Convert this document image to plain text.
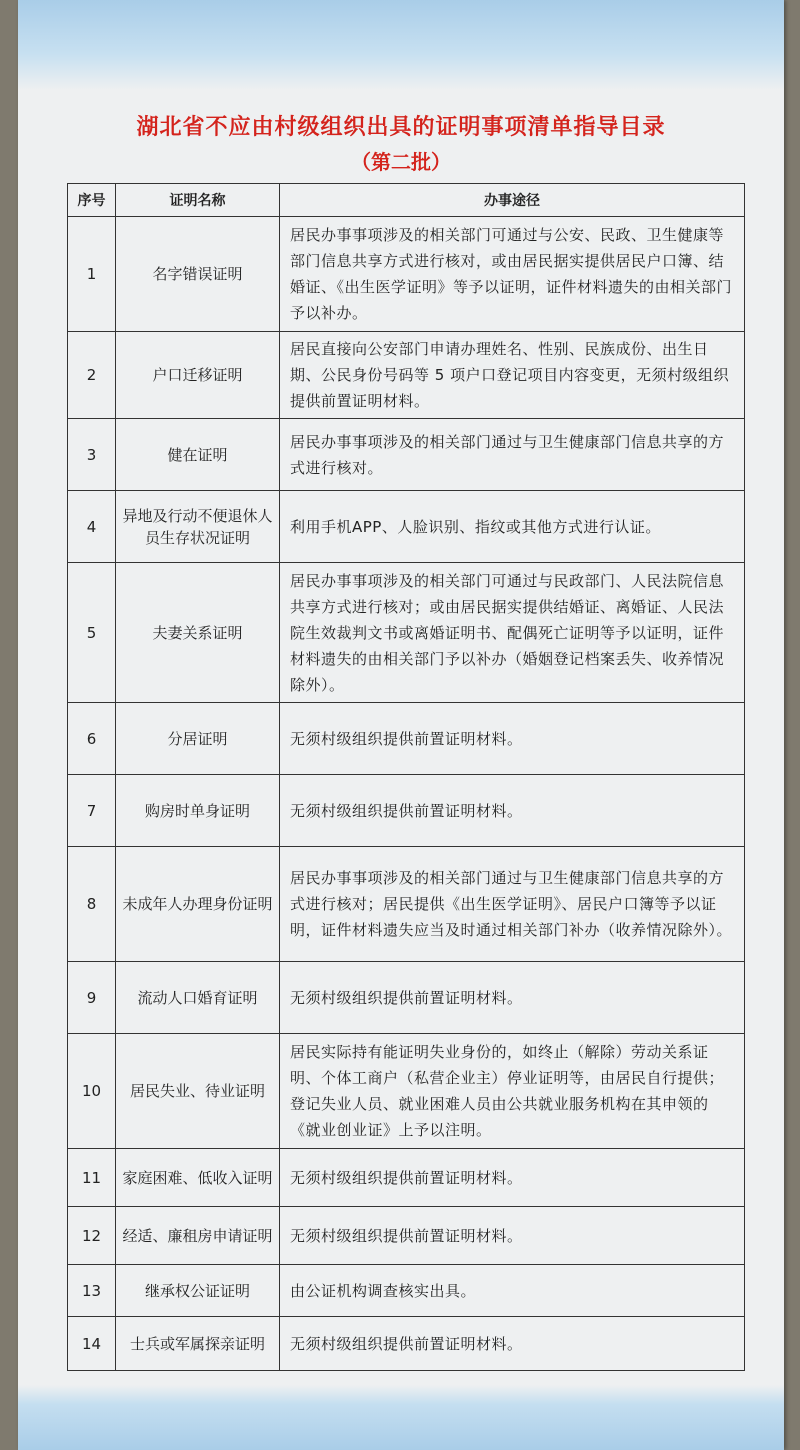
湖北省不应由村级组织出具的证明事项清单指导目录
（第二批）
序号	证明名称	办事途径
1	名字错误证明	居民办事事项涉及的相关部门可通过与公安、民政、卫生健康等部门信息共享方式进行核对，或由居民据实提供居民户口簿、结婚证、《出生医学证明》等予以证明，证件材料遗失的由相关部门予以补办。
2	户口迁移证明	居民直接向公安部门申请办理姓名、性别、民族成份、出生日期、公民身份号码等 5 项户口登记项目内容变更，无须村级组织提供前置证明材料。
3	健在证明	居民办事事项涉及的相关部门通过与卫生健康部门信息共享的方式进行核对。
4	异地及行动不便退休人员生存状况证明	利用手机APP、人脸识别、指纹或其他方式进行认证。
5	夫妻关系证明	居民办事事项涉及的相关部门可通过与民政部门、人民法院信息共享方式进行核对；或由居民据实提供结婚证、离婚证、人民法院生效裁判文书或离婚证明书、配偶死亡证明等予以证明，证件材料遗失的由相关部门予以补办（婚姻登记档案丢失、收养情况除外）。
6	分居证明	无须村级组织提供前置证明材料。
7	购房时单身证明	无须村级组织提供前置证明材料。
8	未成年人办理身份证明	居民办事事项涉及的相关部门通过与卫生健康部门信息共享的方式进行核对；居民提供《出生医学证明》、居民户口簿等予以证明，证件材料遗失应当及时通过相关部门补办（收养情况除外）。
9	流动人口婚育证明	无须村级组织提供前置证明材料。
10	居民失业、待业证明	居民实际持有能证明失业身份的，如终止（解除）劳动关系证明、个体工商户（私营企业主）停业证明等，由居民自行提供；登记失业人员、就业困难人员由公共就业服务机构在其申领的《就业创业证》上予以注明。
11	家庭困难、低收入证明	无须村级组织提供前置证明材料。
12	经适、廉租房申请证明	无须村级组织提供前置证明材料。
13	继承权公证证明	由公证机构调查核实出具。
14	士兵或军属探亲证明	无须村级组织提供前置证明材料。
